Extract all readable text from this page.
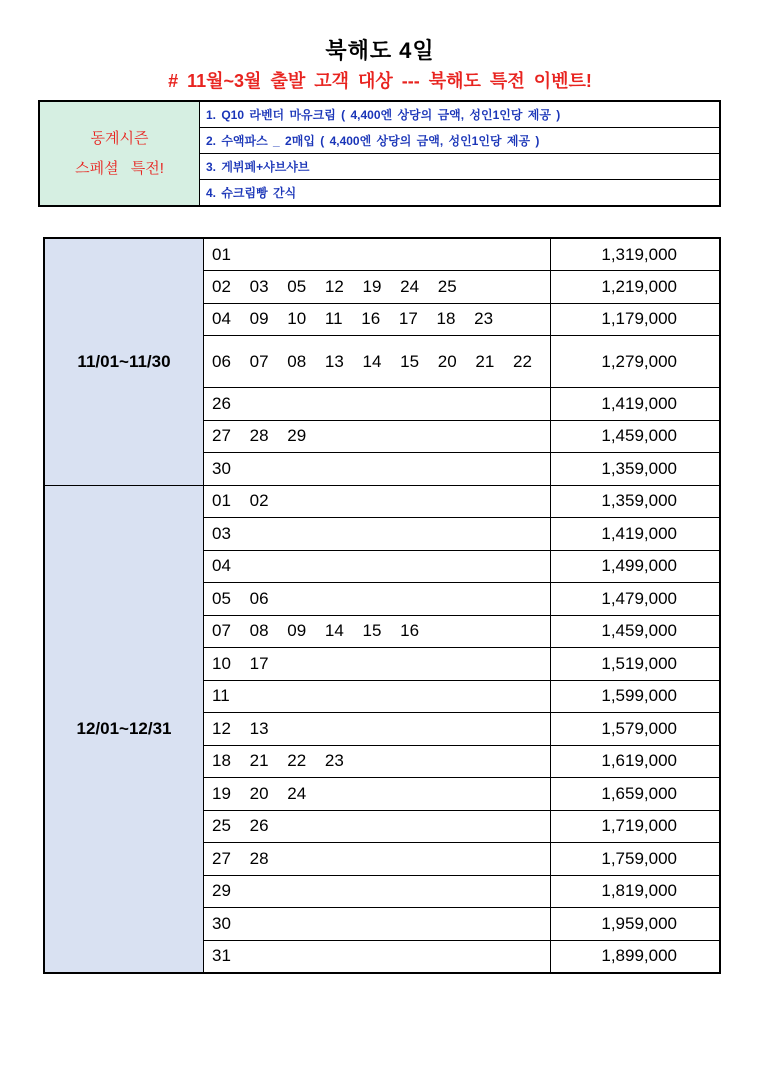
북해도 4일
# 11월~3월 출발 고객 대상 --- 북해도 특전 이벤트!
동계시즌
스페셜 특전!
	1. Q10 라벤더 마유크림 ( 4,400엔 상당의 금액, 성인1인당 제공 )
2. 수액파스 _ 2매입 ( 4,400엔 상당의 금액, 성인1인당 제공 )
3. 게뷔페+샤브샤브
4. 슈크림빵 간식
11/01~11/30	01	1,319,000
	02 03 05 12 19 24 25	1,219,000
	04 09 10 11 16 17 18 23	1,179,000
	06 07 08 13 14 15 20 21 22	1,279,000
	26	1,419,000
	27 28 29	1,459,000
	30	1,359,000
12/01~12/31	01 02	1,359,000
	03	1,419,000
	04	1,499,000
	05 06	1,479,000
	07 08 09 14 15 16	1,459,000
	10 17	1,519,000
	11	1,599,000
	12 13	1,579,000
	18 21 22 23	1,619,000
	19 20 24	1,659,000
	25 26	1,719,000
	27 28	1,759,000
	29	1,819,000
	30	1,959,000
	31	1,899,000
